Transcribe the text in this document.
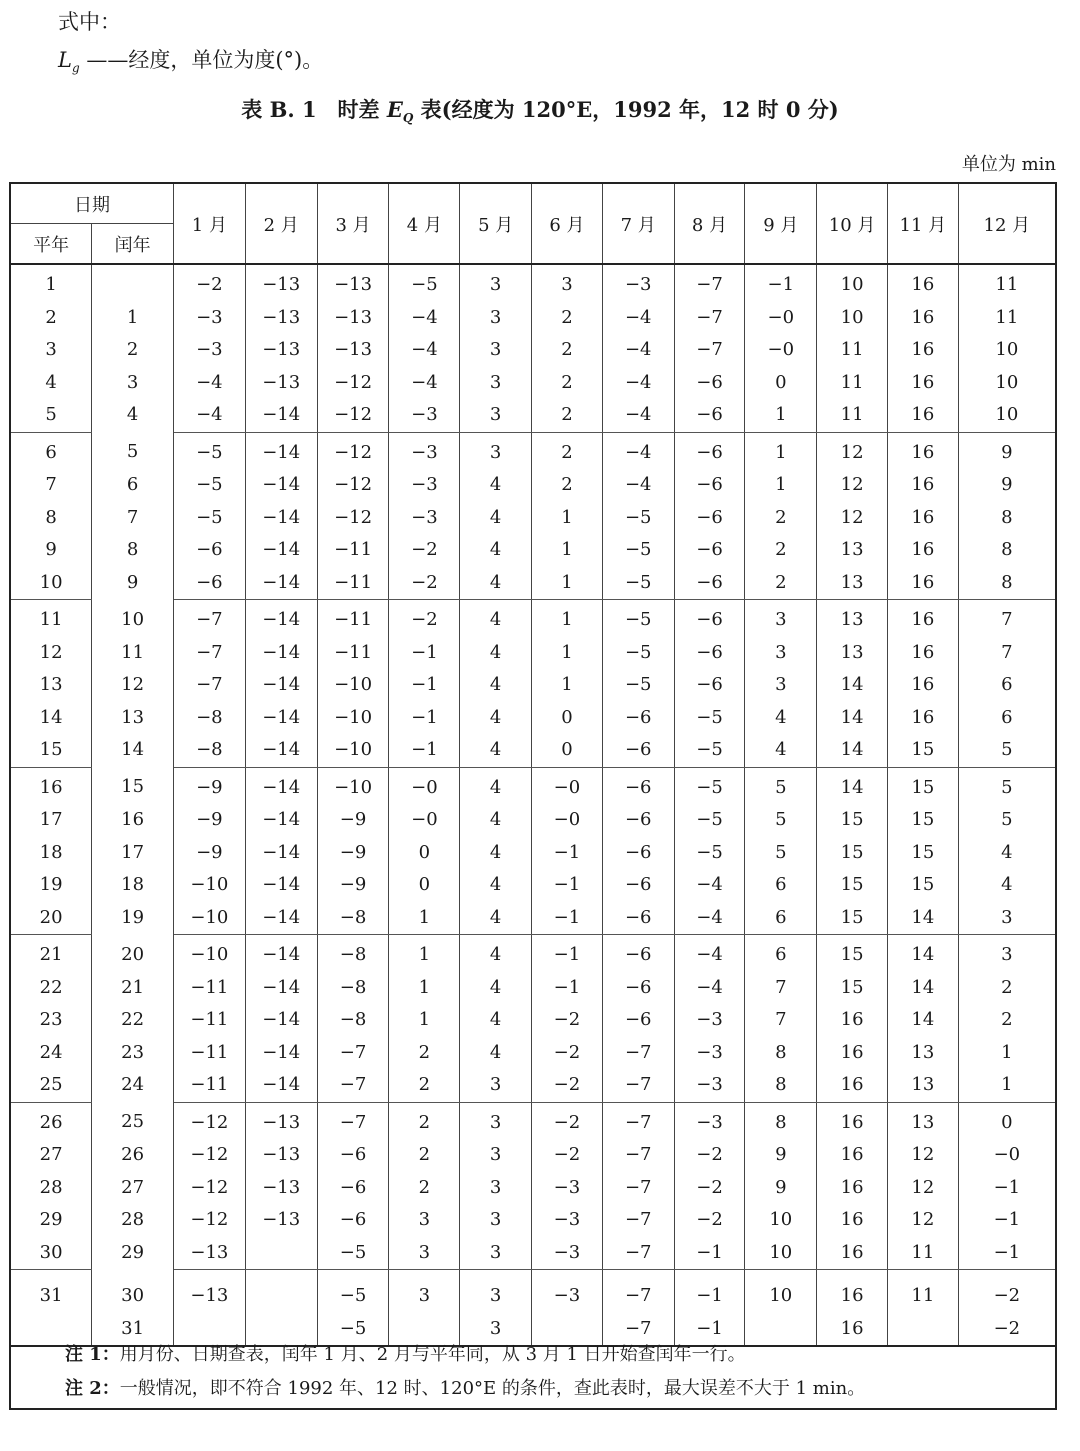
式中：
$L_g$ ——经度，单位为度(°)。
表 B. 1　时差 $E_Q$ 表(经度为 120°E，1992 年，12 时 0 分)
单位为 min
日期		1 月	2 月	3 月	4 月	5 月	6 月	7 月	8 月	9 月	10 月	11 月	12 月
平年	闰年												
1		−2	−13	−13	−5	3	3	−3	−7	−1	10	16	11
2	1	−3	−13	−13	−4	3	2	−4	−7	−0	10	16	11
3	2	−3	−13	−13	−4	3	2	−4	−7	−0	11	16	10
4	3	−4	−13	−12	−4	3	2	−4	−6	0	11	16	10
5	4	−4	−14	−12	−3	3	2	−4	−6	1	11	16	10
6	5	−5	−14	−12	−3	3	2	−4	−6	1	12	16	9
7	6	−5	−14	−12	−3	4	2	−4	−6	1	12	16	9
8	7	−5	−14	−12	−3	4	1	−5	−6	2	12	16	8
9	8	−6	−14	−11	−2	4	1	−5	−6	2	13	16	8
10	9	−6	−14	−11	−2	4	1	−5	−6	2	13	16	8
11	10	−7	−14	−11	−2	4	1	−5	−6	3	13	16	7
12	11	−7	−14	−11	−1	4	1	−5	−6	3	13	16	7
13	12	−7	−14	−10	−1	4	1	−5	−6	3	14	16	6
14	13	−8	−14	−10	−1	4	0	−6	−5	4	14	16	6
15	14	−8	−14	−10	−1	4	0	−6	−5	4	14	15	5
16	15	−9	−14	−10	−0	4	−0	−6	−5	5	14	15	5
17	16	−9	−14	−9	−0	4	−0	−6	−5	5	15	15	5
18	17	−9	−14	−9	0	4	−1	−6	−5	5	15	15	4
19	18	−10	−14	−9	0	4	−1	−6	−4	6	15	15	4
20	19	−10	−14	−8	1	4	−1	−6	−4	6	15	14	3
21	20	−10	−14	−8	1	4	−1	−6	−4	6	15	14	3
22	21	−11	−14	−8	1	4	−1	−6	−4	7	15	14	2
23	22	−11	−14	−8	1	4	−2	−6	−3	7	16	14	2
24	23	−11	−14	−7	2	4	−2	−7	−3	8	16	13	1
25	24	−11	−14	−7	2	3	−2	−7	−3	8	16	13	1
26	25	−12	−13	−7	2	3	−2	−7	−3	8	16	13	0
27	26	−12	−13	−6	2	3	−2	−7	−2	9	16	12	−0
28	27	−12	−13	−6	2	3	−3	−7	−2	9	16	12	−1
29	28	−12	−13	−6	3	3	−3	−7	−2	10	16	12	−1
30	29	−13		−5	3	3	−3	−7	−1	10	16	11	−1
31	30	−13		−5	3	3	−3	−7	−1	10	16	11	−2
	31			−5		3		−7	−1		16		−2
注 1：用月份、日期查表，闰年 1 月、2 月与平年同，从 3 月 1 日开始查闰年一行。
注 2：一般情况，即不符合 1992 年、12 时、120°E 的条件，查此表时，最大误差不大于 1 min。
